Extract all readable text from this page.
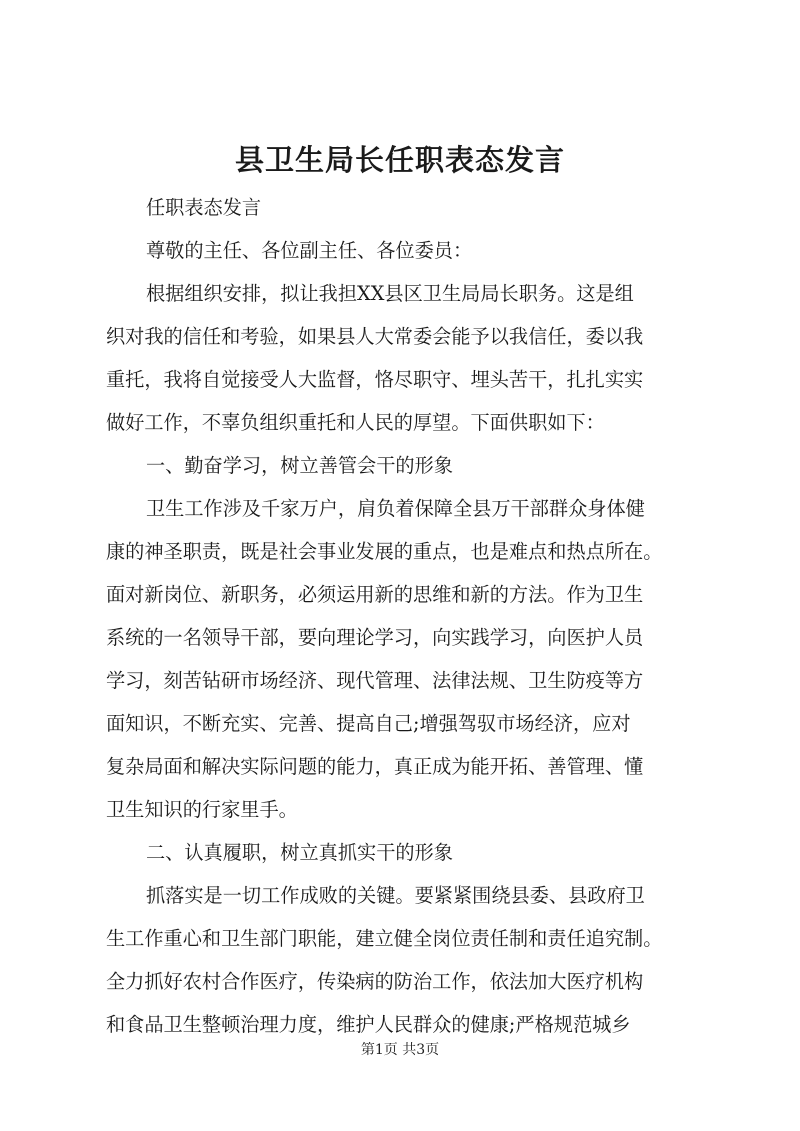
县卫生局长任职表态发言
任职表态发言
尊敬的主任、各位副主任、各位委员：
根据组织安排，拟让我担XX县区卫生局局长职务。这是组
织对我的信任和考验，如果县人大常委会能予以我信任，委以我
重托，我将自觉接受人大监督，恪尽职守、埋头苦干，扎扎实实
做好工作，不辜负组织重托和人民的厚望。下面供职如下：
一、勤奋学习，树立善管会干的形象
卫生工作涉及千家万户，肩负着保障全县万干部群众身体健
康的神圣职责，既是社会事业发展的重点，也是难点和热点所在。
面对新岗位、新职务，必须运用新的思维和新的方法。作为卫生
系统的一名领导干部，要向理论学习，向实践学习，向医护人员
学习，刻苦钻研市场经济、现代管理、法律法规、卫生防疫等方
面知识，不断充实、完善、提高自己;增强驾驭市场经济，应对
复杂局面和解决实际问题的能力，真正成为能开拓、善管理、懂
卫生知识的行家里手。
二、认真履职，树立真抓实干的形象
抓落实是一切工作成败的关键。要紧紧围绕县委、县政府卫
生工作重心和卫生部门职能，建立健全岗位责任制和责任追究制。
全力抓好农村合作医疗，传染病的防治工作，依法加大医疗机构
和食品卫生整顿治理力度，维护人民群众的健康;严格规范城乡
第1页 共3页
